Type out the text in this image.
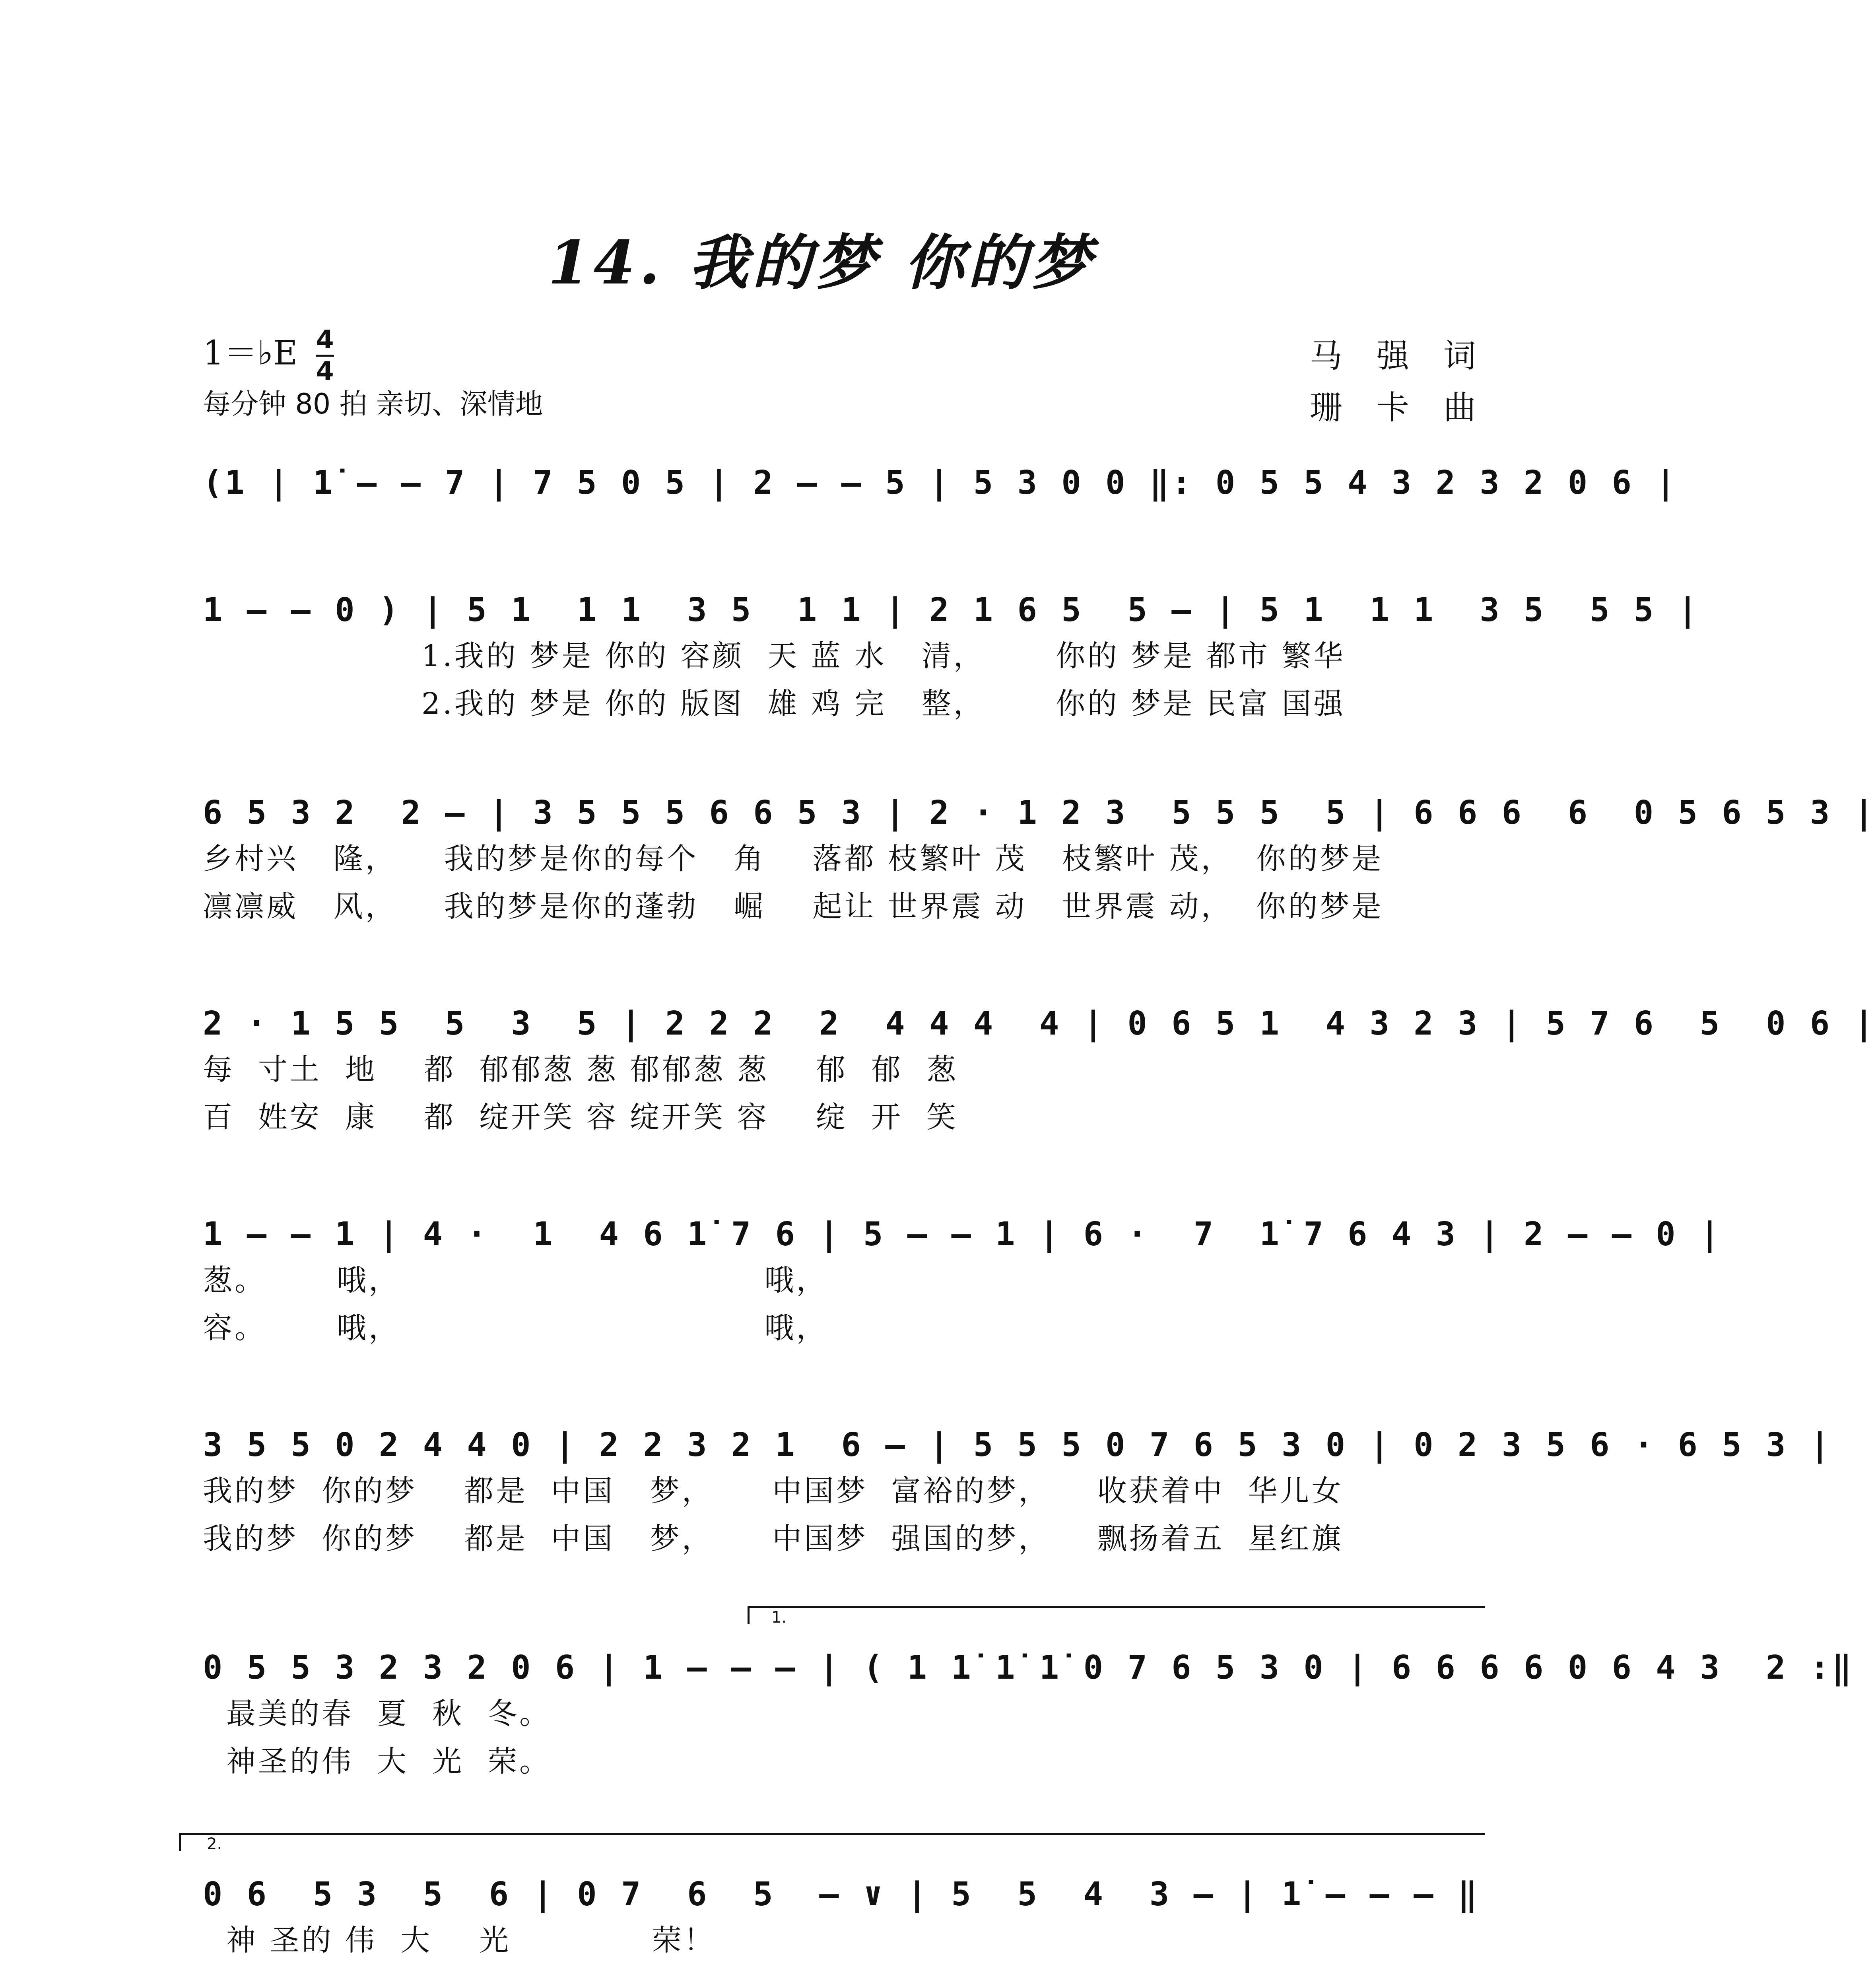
14. 我的梦 你的梦
1＝♭E 4
4
每分钟 80 拍 亲切、深情地
马 强 词
珊 卡 曲
(1 | 1̇ – – 7 | 7 5 0 5 | 2 – – 5 | 5 3 0 0 ‖: 0 5 5 4 3 2 3 2 0 6 |
1 – – 0 ) | 5 1  1 1  3 5  1 1 | 2 1 6 5  5 – | 5 1  1 1  3 5  5 5 |
1.我的 梦是 你的 容颜  天 蓝 水   清，      你的 梦是 都市 繁华
2.我的 梦是 你的 版图  雄 鸡 完   整，      你的 梦是 民富 国强
6 5 3 2  2 – | 3 5 5 5 6 6 5 3 | 2 · 1 2 3  5 5 5  5 | 6 6 6  6  0 5 6 5 3 |
乡村兴   隆，    我的梦是你的每个   角    落都 枝繁叶 茂   枝繁叶 茂，  你的梦是
凛凛威   风，    我的梦是你的蓬勃   崛    起让 世界震 动   世界震 动，  你的梦是
2 · 1 5 5  5  3  5 | 2 2 2  2  4 4 4  4 | 0 6 5 1  4 3 2 3 | 5 7 6  5  0 6 |
每  寸土  地    都  郁郁葱 葱 郁郁葱 葱    郁  郁  葱
百  姓安  康    都  绽开笑 容 绽开笑 容    绽  开  笑
1 – – 1 | 4 ·  1  4 6 1̇ 7 6 | 5 – – 1 | 6 ·  7  1̇ 7 6 4 3 | 2 – – 0 |
葱。      哦，                               哦，
容。      哦，                               哦，
3 5 5 0 2 4 4 0 | 2 2 3 2 1  6 – | 5 5 5 0 7 6 5 3 0 | 0 2 3 5 6 · 6 5 3 |
我的梦  你的梦    都是  中国   梦，     中国梦  富裕的梦，    收获着中  华儿女
我的梦  你的梦    都是  中国   梦，     中国梦  强国的梦，    飘扬着五  星红旗
1.
0 5 5 3 2 3 2 0 6 | 1 – – – | ( 1 1̇ 1̇ 1̇ 0 7 6 5 3 0 | 6 6 6 6 0 6 4 3  2 :‖
最美的春  夏  秋  冬。
神圣的伟  大  光  荣。
2.
0 6  5 3  5  6 | 0 7  6  5  – ∨ | 5  5  4  3 – | 1̇ – – – ‖
神 圣的 伟  大    光            荣！
